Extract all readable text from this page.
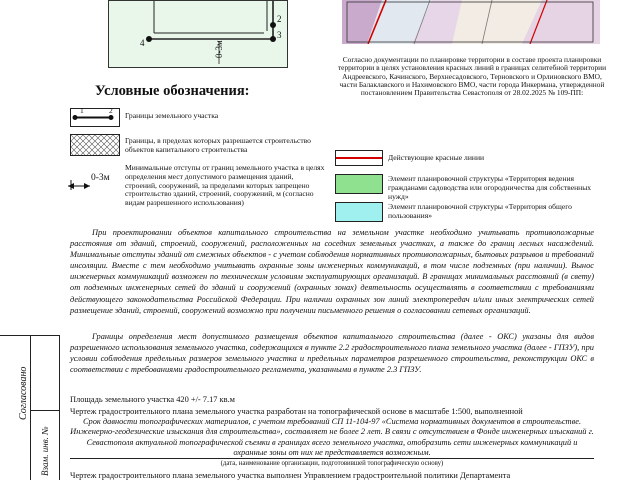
4
3
2
0-3м
Согласно документации по планировке территории в составе проекта планировки территории в целях установления красных линий в границах селитебной территории Андреевского, Качинского, Верхнесадовского, Терновского и Орлиновского ВМО, части Балаклавского и Нахимовского ВМО, части города Инкермана, утвержденной постановлением Правительства Севастополя от 28.02.2025 № 109-ПП:
Условные обозначения:
1	2
Границы земельного участка
Границы, в пределах которых разрешается строительство объектов капитального строительства
0-3м
Минимальные отступы от границ земельного участка в целях определения мест допустимого размещения зданий, строений, сооружений, за пределами которых запрещено строительство зданий, строений, сооружений, м (согласно видам разрешенного использования)
Действующие красные линии
Элемент планировочной структуры «Территория ведения гражданами садоводства или огородничества для собственных нужд»
Элемент планировочной структуры «Территория общего пользования»
Согласовано
Взам. инв. №
При проектировании объектов капитального строительства на земельном участке необходимо учитывать противопожарные расстояния от зданий, строений, сооружений, расположенных на соседних земельных участках, а также до границ лесных насаждений. Минимальные отступы зданий от смежных объектов - с учетом соблюдения нормативных противопожарных, бытовых разрывов и требований инсоляции. Вместе с тем необходимо учитывать охранные зоны инженерных коммуникаций, в том числе подземных (при наличии). Вынос инженерных коммуникаций возможен по техническим условиям эксплуатирующих организаций. В границах минимальных расстояний (в свету) от подземных инженерных сетей до зданий и сооружений (охранных зонах) деятельность осуществлять в соответствии с требованиями действующего законодательства Российской Федерации. При наличии охранных зон линий электропередач и/или иных электрических сетей размещение зданий, строений, сооружений возможно при получении письменного решения о согласовании сетевых организаций.
Границы определения мест допустимого размещения объектов капитального строительства (далее - ОКС) указаны для видов разрешенного использования земельного участка, содержащихся в пункте 2.2 градостроительного плана земельного участка (далее - ГПЗУ), при условии соблюдения предельных размеров земельного участка и предельных параметров разрешенного строительства, реконструкции ОКС в соответствии с требованиями градостроительного регламента, указанными в пункте 2.3 ГПЗУ.
Площадь земельного участка 420 +/- 7.17 кв.м
Чертеж градостроительного плана земельного участка разработан на топографической основе в масштабе 1:500, выполненной
Срок давности топографических материалов, с учетом требований СП 11-104-97 «Система нормативных документов в строительстве. Инженерно-геодезические изыскания для строительства», составляет не более 2 лет. В связи с отсутствием в Фонде инженерных изысканий г. Севастополя актуальной топографической съемки в границах всего земельного участка, отобразить сети инженерных коммуникаций и охранные зоны от них не представляется возможным.
(дата, наименование организации, подготовившей топографическую основу)
Чертеж градостроительного плана земельного участка выполнен Управлением градостроительной политики Департамента
